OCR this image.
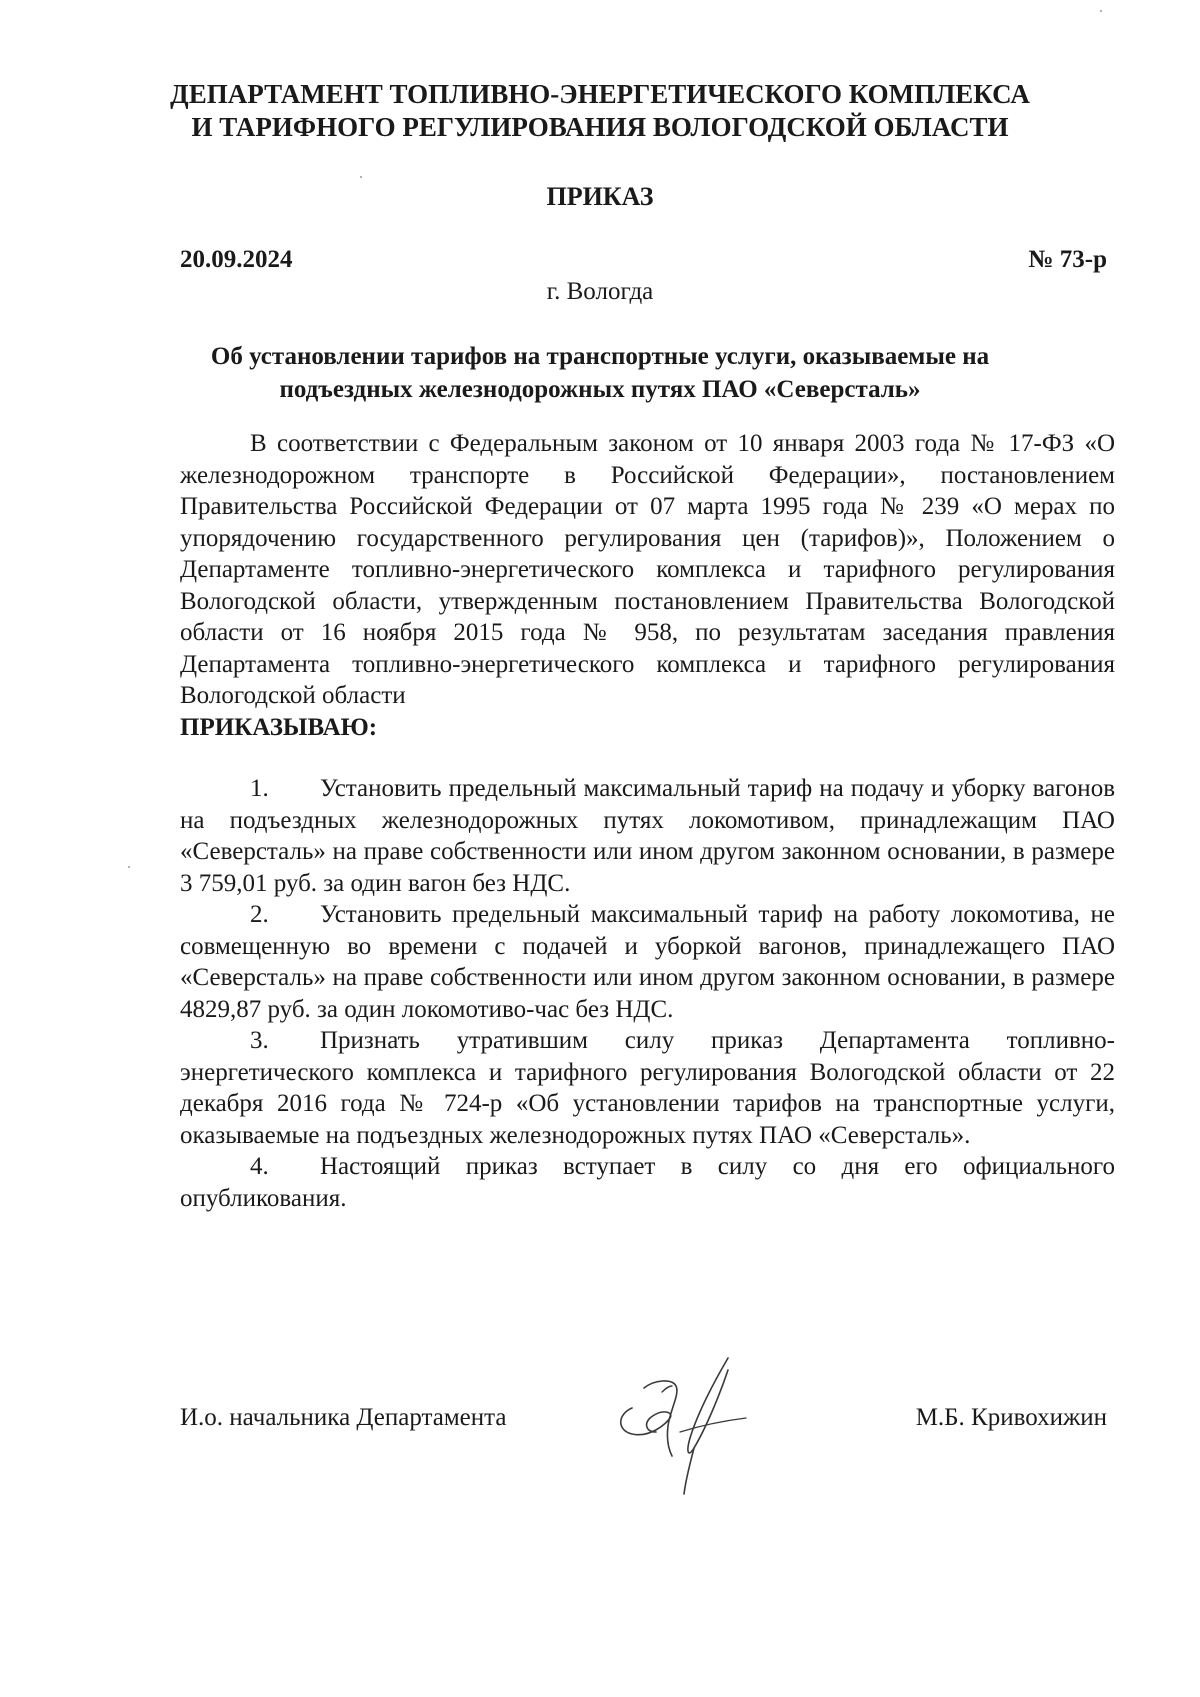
ДЕПАРТАМЕНТ ТОПЛИВНО-ЭНЕРГЕТИЧЕСКОГО КОМПЛЕКСА
И ТАРИФНОГО РЕГУЛИРОВАНИЯ ВОЛОГОДСКОЙ ОБЛАСТИ
ПРИКАЗ
20.09.2024	№ 73-р
г. Вологда
Об установлении тарифов на транспортные услуги, оказываемые на подъездных железнодорожных путях ПАО «Северсталь»

В соответствии с Федеральным законом от 10 января 2003 года № 17-ФЗ «О железнодорожном транспорте в Российской Федерации», постановлением Правительства Российской Федерации от 07 марта 1995 года № 239 «О мерах по упорядочению государственного регулирования цен (тарифов)», Положением о Департаменте топливно-энергетического комплекса и тарифного регулирования Вологодской области, утвержденным постановлением Правительства Вологодской области от 16 ноября 2015 года № 958, по результатам заседания правления Департамента топливно-энергетического комплекса и тарифного регулирования Вологодской области

ПРИКАЗЫВАЮ:

1. Установить предельный максимальный тариф на подачу и уборку вагонов на подъездных железнодорожных путях локомотивом, принадлежащим ПАО «Северсталь» на праве собственности или ином другом законном основании, в размере 3 759,01 руб. за один вагон без НДС.

2. Установить предельный максимальный тариф на работу локомотива, не совмещенную во времени с подачей и уборкой вагонов, принадлежащего ПАО «Северсталь» на праве собственности или ином другом законном основании, в размере 4829,87 руб. за один локомотиво-час без НДС.

3. Признать утратившим силу приказ Департамента топливно-энергетического комплекса и тарифного регулирования Вологодской области от 22 декабря 2016 года № 724-р «Об установлении тарифов на транспортные услуги, оказываемые на подъездных железнодорожных путях ПАО «Северсталь».

4. Настоящий приказ вступает в силу со дня его официального опубликования.

И.о. начальника Департамента	М.Б. Кривохижин
